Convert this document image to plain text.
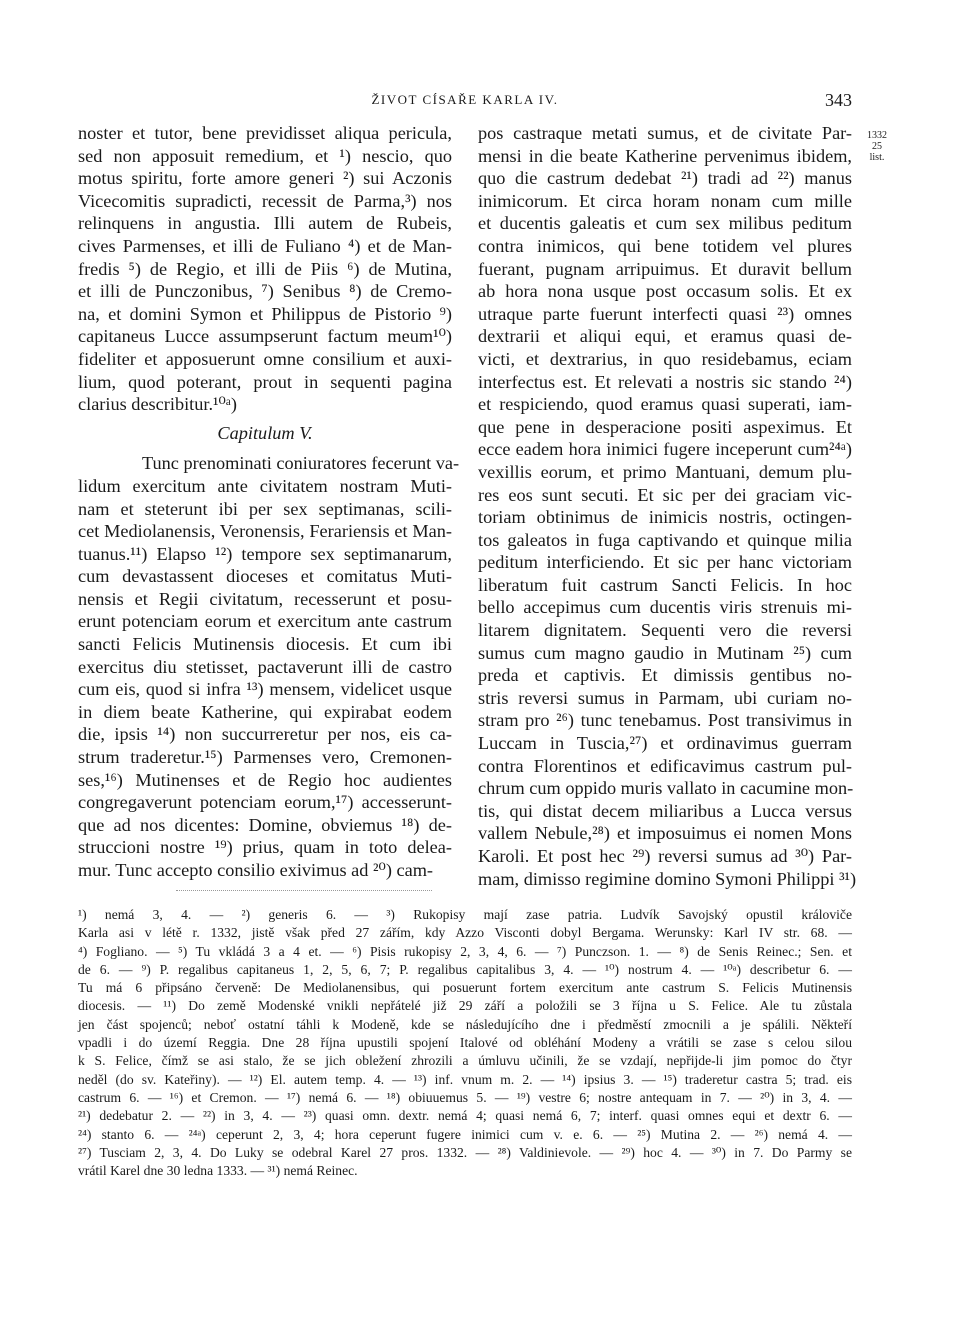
ŽIVOT CÍSAŘE KARLA IV.	343
noster et tutor, bene previdisset aliqua pericula,
sed non apposuit remedium, et ¹) nescio, quo
motus spiritu, forte amore generi ²) sui Aczonis
Vicecomitis supradicti, recessit de Parma,³) nos
relinquens in angustia. Illi autem de Rubeis,
cives Parmenses, et illi de Fuliano ⁴) et de Man-
fredis ⁵) de Regio, et illi de Piis ⁶) de Mutina,
et illi de Punczonibus, ⁷) Senibus ⁸) de Cremo-
na, et domini Symon et Philippus de Pistorio ⁹)
capitaneus Lucce assumpserunt factum meum¹⁰)
fideliter et apposuerunt omne consilium et auxi-
lium, quod poterant, prout in sequenti pagina
clarius describitur.¹⁰ᵃ)
Capitulum V.
Tunc prenominati coniuratores fecerunt va-
lidum exercitum ante civitatem nostram Muti-
nam et steterunt ibi per sex septimanas, scili-
cet Mediolanensis, Veronensis, Ferariensis et Man-
tuanus.¹¹) Elapso ¹²) tempore sex septimanarum,
cum devastassent dioceses et comitatus Muti-
nensis et Regii civitatum, recesserunt et posu-
erunt potenciam eorum et exercitum ante castrum
sancti Felicis Mutinensis diocesis. Et cum ibi
exercitus diu stetisset, pactaverunt illi de castro
cum eis, quod si infra ¹³) mensem, videlicet usque
in diem beate Katherine, qui expirabat eodem
die, ipsis ¹⁴) non succurreretur per nos, eis ca-
strum traderetur.¹⁵) Parmenses vero, Cremonen-
ses,¹⁶) Mutinenses et de Regio hoc audientes
congregaverunt potenciam eorum,¹⁷) accesserunt-
que ad nos dicentes: Domine, obviemus ¹⁸) de-
struccioni nostre ¹⁹) prius, quam in toto delea-
mur. Tunc accepto consilio exivimus ad ²⁰) cam-
pos castraque metati sumus, et de civitate Par-
mensi in die beate Katherine pervenimus ibidem,
quo die castrum dedebat ²¹) tradi ad ²²) manus
inimicorum. Et circa horam nonam cum mille
et ducentis galeatis et cum sex milibus peditum
contra inimicos, qui bene totidem vel plures
fuerant, pugnam arripuimus. Et duravit bellum
ab hora nona usque post occasum solis. Et ex
utraque parte fuerunt interfecti quasi ²³) omnes
dextrarii et aliqui equi, et eramus quasi de-
victi, et dextrarius, in quo residebamus, eciam
interfectus est. Et relevati a nostris sic stando ²⁴)
et respiciendo, quod eramus quasi superati, iam-
que pene in desperacione positi aspeximus. Et
ecce eadem hora inimici fugere inceperunt cum²⁴ᵃ)
vexillis eorum, et primo Mantuani, demum plu-
res eos sunt secuti. Et sic per dei graciam vic-
toriam obtinimus de inimicis nostris, octingen-
tos galeatos in fuga captivando et quinque milia
peditum interficiendo. Et sic per hanc victoriam
liberatum fuit castrum Sancti Felicis. In hoc
bello accepimus cum ducentis viris strenuis mi-
litarem dignitatem. Sequenti vero die reversi
sumus cum magno gaudio in Mutinam ²⁵) cum
preda et captivis. Et dimissis gentibus no-
stris reversi sumus in Parmam, ubi curiam no-
stram pro ²⁶) tunc tenebamus. Post transivimus in
Luccam in Tuscia,²⁷) et ordinavimus guerram
contra Florentinos et edificavimus castrum pul-
chrum cum oppido muris vallato in cacumine mon-
tis, qui distat decem miliaribus a Lucca versus
vallem Nebule,²⁸) et imposuimus ei nomen Mons
Karoli. Et post hec ²⁹) reversi sumus ad ³⁰) Par-
mam, dimisso regimine domino Symoni Philippi ³¹)
1332
25
list.
¹) nemá 3, 4. — ²) generis 6. — ³) Rukopisy mají zase patria. Ludvík Savojský opustil královiče
Karla asi v létě r. 1332, jistě však před 27 zářím, kdy Azzo Visconti dobyl Bergama. Werunsky: Karl IV str. 68. —
⁴) Fogliano. — ⁵) Tu vkládá 3 a 4 et. — ⁶) Pisis rukopisy 2, 3, 4, 6. — ⁷) Punczson. 1. — ⁸) de Senis Reinec.; Sen. et
de 6. — ⁹) P. regalibus capitaneus 1, 2, 5, 6, 7; P. regalibus capitalibus 3, 4. — ¹⁰) nostrum 4. — ¹⁰ᵃ) describetur 6. —
Tu má 6 připsáno červeně: De Mediolanensibus, qui posuerunt fortem exercitum ante castrum S. Felicis Mutinensis
diocesis. — ¹¹) Do země Modenské vnikli nepřátelé již 29 září a položili se 3 října u S. Felice. Ale tu zůstala
jen část spojenců; neboť ostatní táhli k Modeně, kde se následujícího dne i předměstí zmocnili a je spálili. Někteří
vpadli i do území Reggia. Dne 28 října upustili spojení Italové od obléhání Modeny a vrátili se zase s celou silou
k S. Felice, čímž se asi stalo, že se jich obležení zhrozili a úmluvu učinili, že se vzdají, nepřijde-li jim pomoc do čtyr
neděl (do sv. Kateřiny). — ¹²) El. autem temp. 4. — ¹³) inf. vnum m. 2. — ¹⁴) ipsius 3. — ¹⁵) traderetur castra 5; trad. eis
castrum 6. — ¹⁶) et Cremon. — ¹⁷) nemá 6. — ¹⁸) obiuuemus 5. — ¹⁹) vestre 6; nostre antequam in 7. — ²⁰) in 3, 4. —
²¹) dedebatur 2. — ²²) in 3, 4. — ²³) quasi omn. dextr. nemá 4; quasi nemá 6, 7; interf. quasi omnes equi et dextr 6. —
²⁴) stanto 6. — ²⁴ᵃ) ceperunt 2, 3, 4; hora ceperunt fugere inimici cum v. e. 6. — ²⁵) Mutina 2. — ²⁶) nemá 4. —
²⁷) Tusciam 2, 3, 4. Do Luky se odebral Karel 27 pros. 1332. — ²⁸) Valdinievole. — ²⁹) hoc 4. — ³⁰) in 7. Do Parmy se
vrátil Karel dne 30 ledna 1333. — ³¹) nemá Reinec.
